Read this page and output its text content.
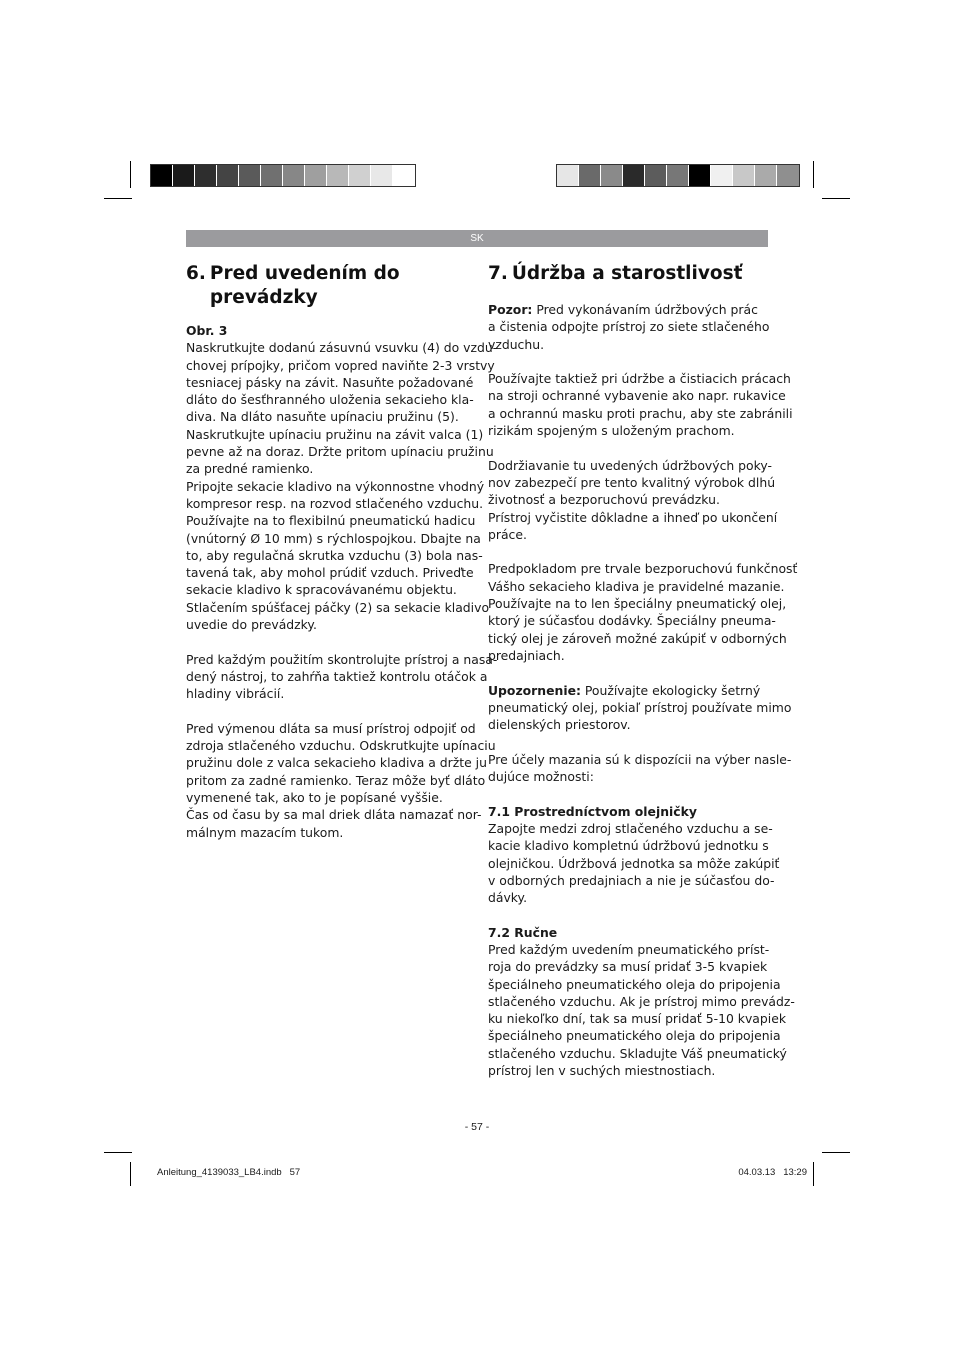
SK
6. Pred uvedením do prevádzky

Obr. 3

Naskrutkujte dodanú zásuvnú vsuvku (4) do vzdu-
chovej prípojky, pričom vopred naviňte 2-3 vrstvy
tesniacej pásky na závit. Nasuňte požadované
dláto do šesťhranného uloženia sekacieho kla-
diva. Na dláto nasuňte upínaciu pružinu (5).
Naskrutkujte upínaciu pružinu na závit valca (1)
pevne až na doraz. Držte pritom upínaciu pružinu
za predné ramienko.
Pripojte sekacie kladivo na výkonnostne vhodný
kompresor resp. na rozvod stlačeného vzduchu.
Používajte na to flexibilnú pneumatickú hadicu
(vnútorný Ø 10 mm) s rýchlospojkou. Dbajte na
to, aby regulačná skrutka vzduchu (3) bola nas-
tavená tak, aby mohol prúdiť vzduch. Priveďte
sekacie kladivo k spracovávanému objektu.
Stlačením spúšťacej páčky (2) sa sekacie kladivo
uvedie do prevádzky.
Pred každým použitím skontrolujte prístroj a nasa-
dený nástroj, to zahŕňa taktiež kontrolu otáčok a
hladiny vibrácií.
Pred výmenou dláta sa musí prístroj odpojiť od
zdroja stlačeného vzduchu. Odskrutkujte upínaciu
pružinu dole z valca sekacieho kladiva a držte ju
pritom za zadné ramienko. Teraz môže byť dláto
vymenené tak, ako to je popísané vyššie.
Čas od času by sa mal driek dláta namazať nor-
málnym mazacím tukom.
7. Údržba a starostlivosť
Pozor: Pred vykonávaním údržbových prác
a čistenia odpojte prístroj zo siete stlačeného
vzduchu.
Používajte taktiež pri údržbe a čistiacich prácach
na stroji ochranné vybavenie ako napr. rukavice
a ochrannú masku proti prachu, aby ste zabránili
rizikám spojeným s uloženým prachom.
Dodržiavanie tu uvedených údržbových poky-
nov zabezpečí pre tento kvalitný výrobok dlhú
životnosť a bezporuchovú prevádzku.
Prístroj vyčistite dôkladne a ihneď po ukončení
práce.
Predpokladom pre trvale bezporuchovú funkčnosť
Vášho sekacieho kladiva je pravidelné mazanie.
Používajte na to len špeciálny pneumatický olej,
ktorý je súčasťou dodávky. Špeciálny pneuma-
tický olej je zároveň možné zakúpiť v odborných
predajniach.
Upozornenie: Používajte ekologicky šetrný
pneumatický olej, pokiaľ prístroj používate mimo
dielenských priestorov.
Pre účely mazania sú k dispozícii na výber nasle-
dujúce možnosti:

7.1 Prostredníctvom olejničky

Zapojte medzi zdroj stlačeného vzduchu a se-
kacie kladivo kompletnú údržbovú jednotku s
olejničkou. Údržbová jednotka sa môže zakúpiť
v odborných predajniach a nie je súčasťou do-
dávky.

7.2 Ručne

Pred každým uvedením pneumatického príst-
roja do prevádzky sa musí pridať 3-5 kvapiek
špeciálneho pneumatického oleja do pripojenia
stlačeného vzduchu. Ak je prístroj mimo prevádz-
ku niekoľko dní, tak sa musí pridať 5-10 kvapiek
špeciálneho pneumatického oleja do pripojenia
stlačeného vzduchu. Skladujte Váš pneumatický
prístroj len v suchých miestnostiach.
- 57 -
Anleitung_4139033_LB4.indb   57	04.03.13   13:29
